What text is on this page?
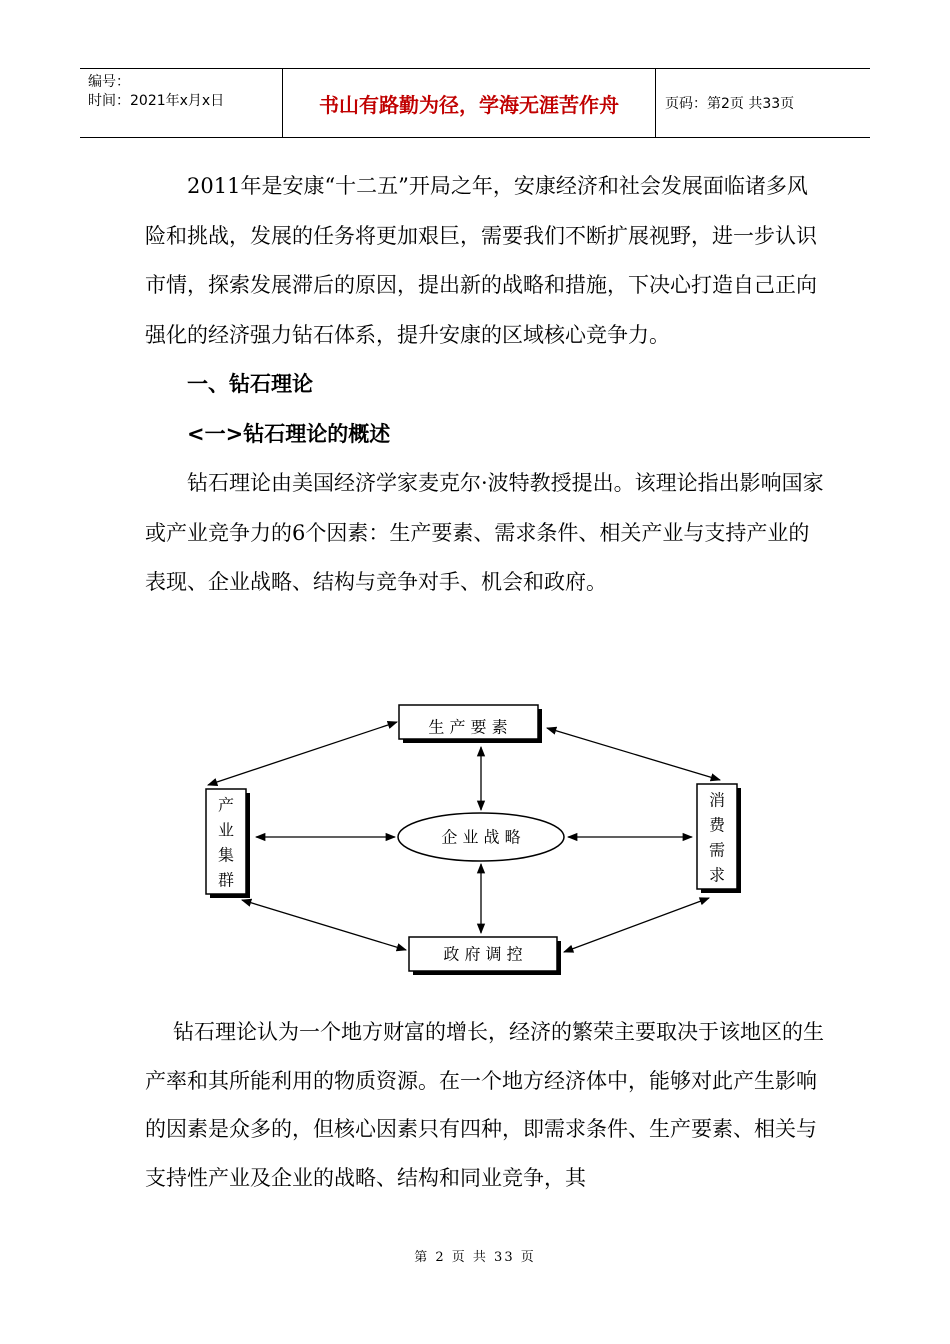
编号：
时间：2021年x月x日	书山有路勤为径，学海无涯苦作舟	页码：第2页 共33页

2011年是安康“十二五”开局之年，安康经济和社会发展面临诸多风险和挑战，发展的任务将更加艰巨，需要我们不断扩展视野，进一步认识市情，探索发展滞后的原因，提出新的战略和措施，下决心打造自己正向强化的经济强力钻石体系，提升安康的区域核心竞争力。

一、钻石理论

<一>钻石理论的概述

钻石理论由美国经济学家麦克尔·波特教授提出。该理论指出影响国家或产业竞争力的6个因素：生产要素、需求条件、相关产业与支持产业的表现、企业战略、结构与竞争对手、机会和政府。

生 产 要 素
产
业
集
群
消
费
需
求
政 府 调 控
企 业 战 略

钻石理论认为一个地方财富的增长，经济的繁荣主要取决于该地区的生产率和其所能利用的物质资源。在一个地方经济体中，能够对此产生影响的因素是众多的，但核心因素只有四种，即需求条件、生产要素、相关与支持性产业及企业的战略、结构和同业竞争，其

第 2 页 共 33 页
